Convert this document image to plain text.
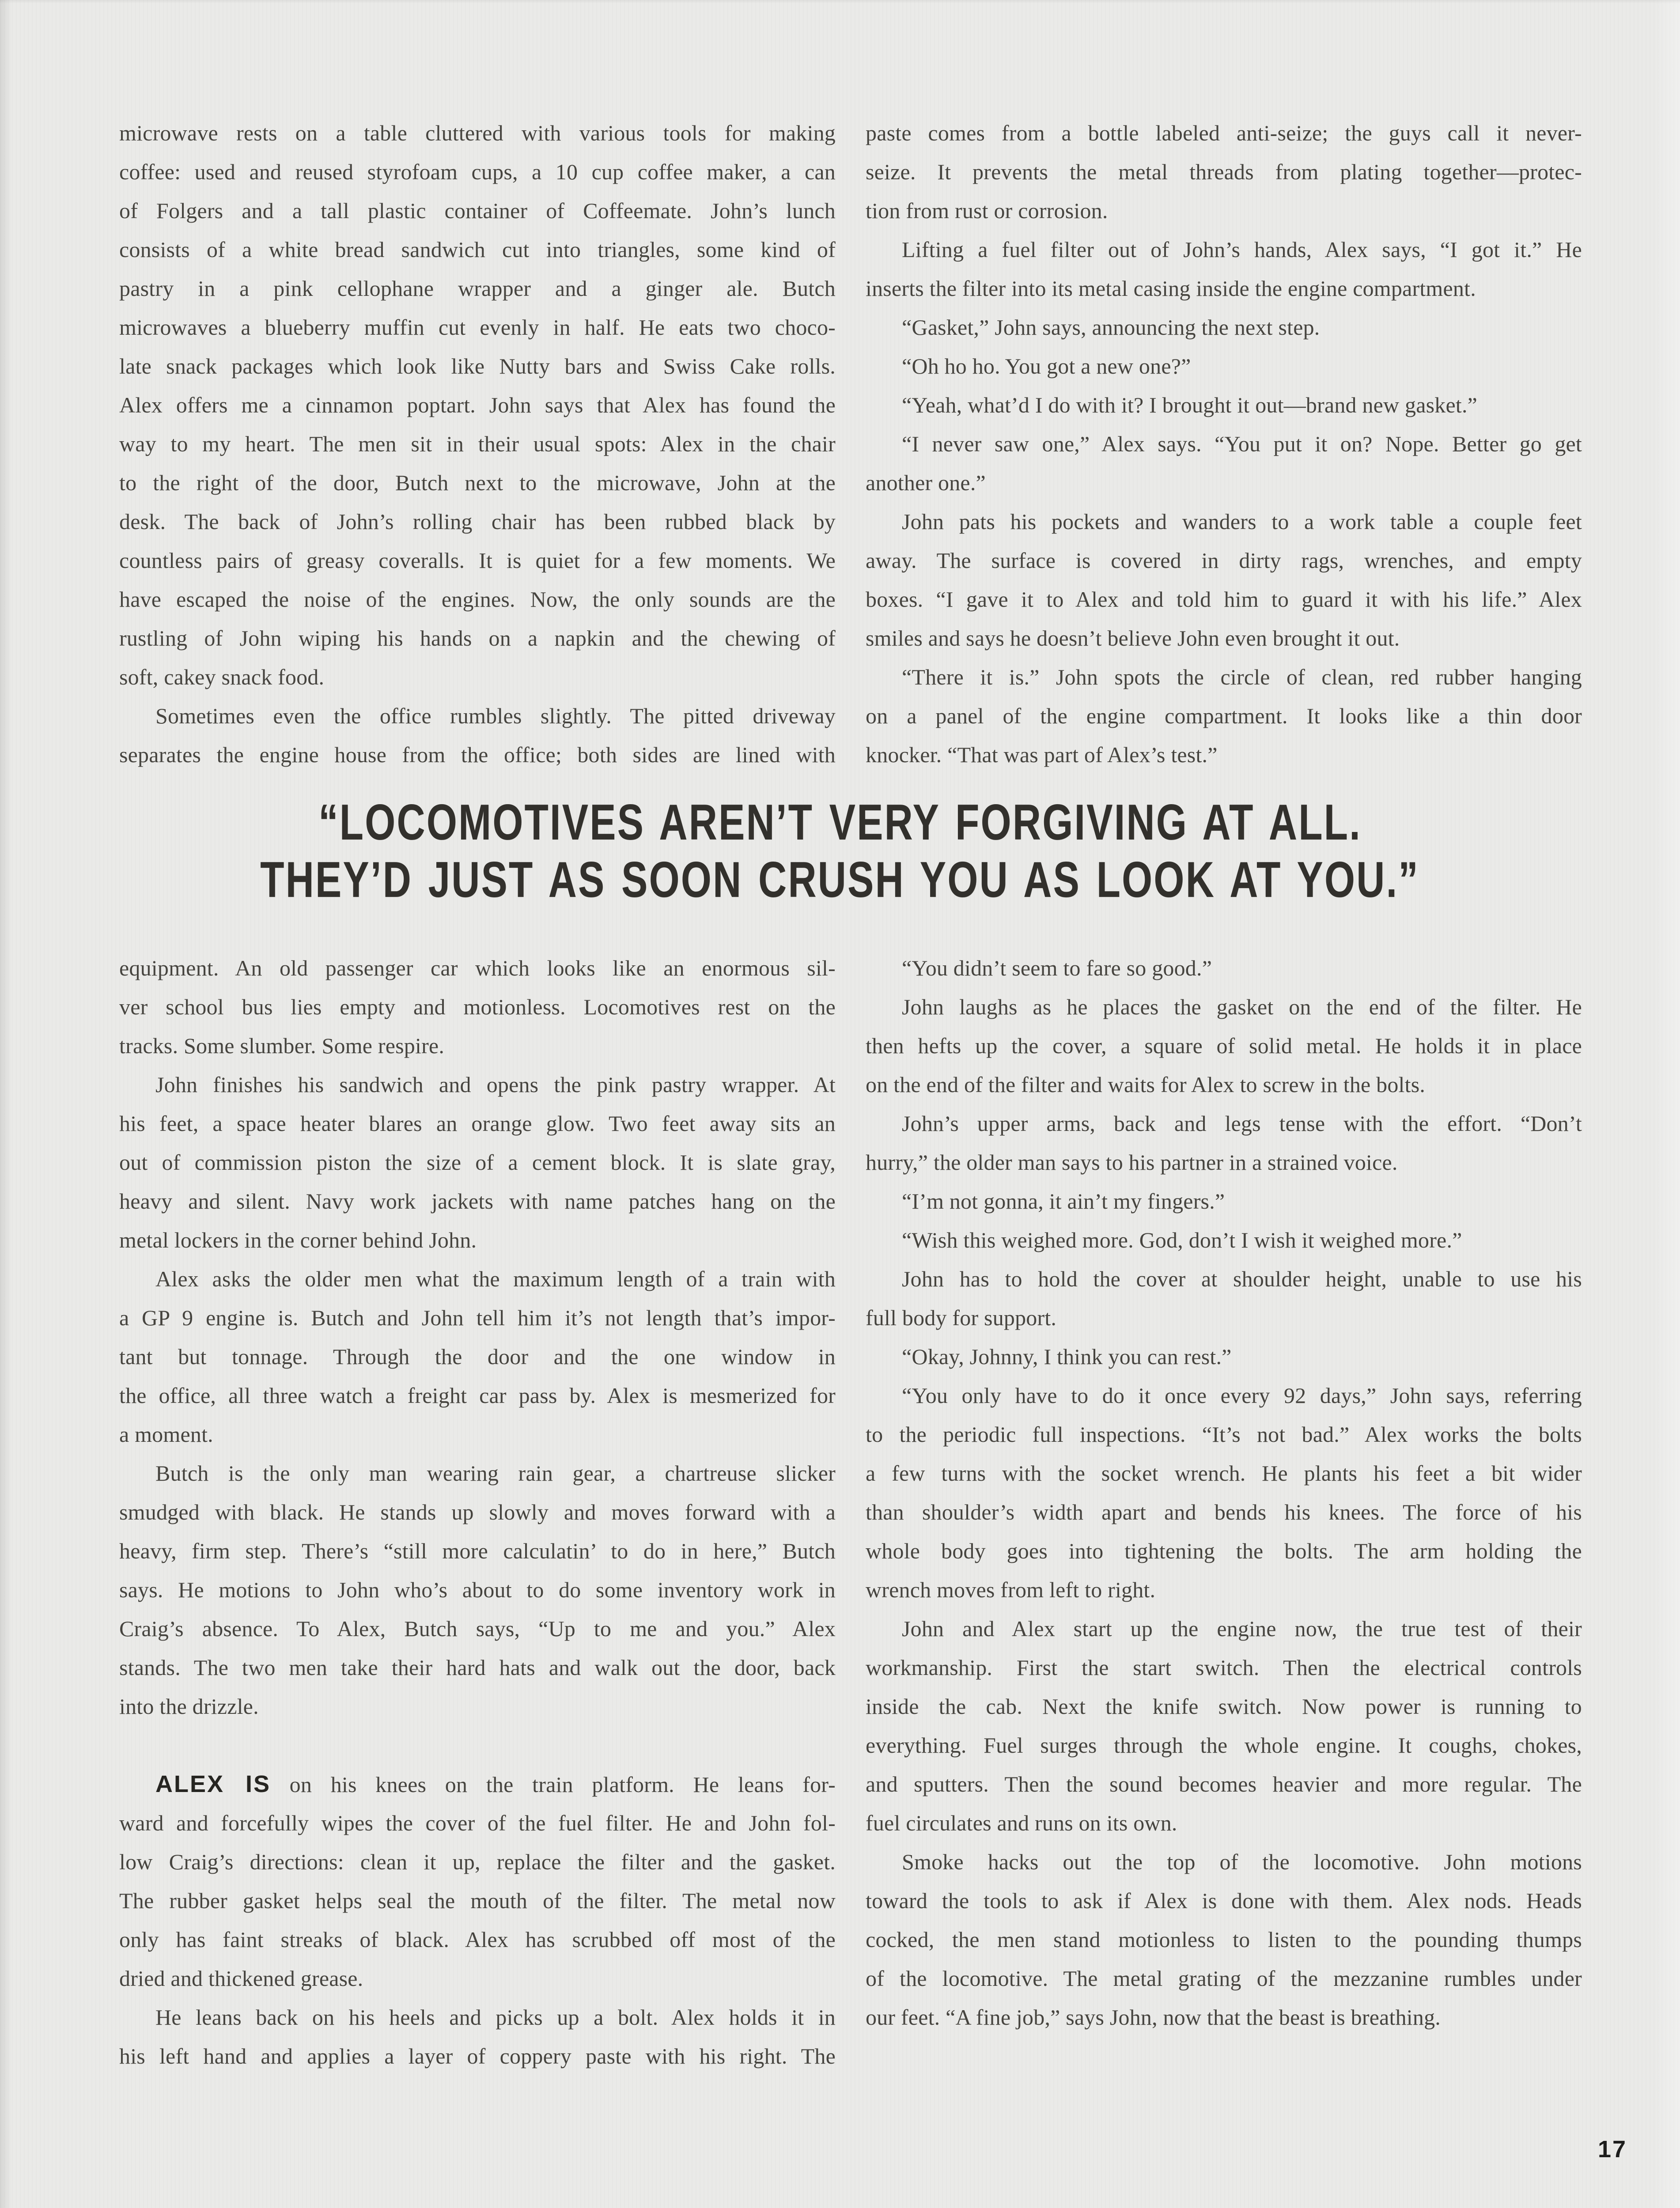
microwave rests on a table cluttered with various tools for making
coffee: used and reused styrofoam cups, a 10 cup coffee maker, a can
of Folgers and a tall plastic container of Coffeemate. John’s lunch
consists of a white bread sandwich cut into triangles, some kind of
pastry in a pink cellophane wrapper and a ginger ale. Butch
microwaves a blueberry muffin cut evenly in half. He eats two choco-
late snack packages which look like Nutty bars and Swiss Cake rolls.
Alex offers me a cinnamon poptart. John says that Alex has found the
way to my heart. The men sit in their usual spots: Alex in the chair
to the right of the door, Butch next to the microwave, John at the
desk. The back of John’s rolling chair has been rubbed black by
countless pairs of greasy coveralls. It is quiet for a few moments. We
have escaped the noise of the engines. Now, the only sounds are the
rustling of John wiping his hands on a napkin and the chewing of
soft, cakey snack food.
Sometimes even the office rumbles slightly. The pitted driveway
separates the engine house from the office; both sides are lined with
paste comes from a bottle labeled anti-seize; the guys call it never-
seize. It prevents the metal threads from plating together—protec-
tion from rust or corrosion.
Lifting a fuel filter out of John’s hands, Alex says, “I got it.” He
inserts the filter into its metal casing inside the engine compartment.
“Gasket,” John says, announcing the next step.
“Oh ho ho. You got a new one?”
“Yeah, what’d I do with it? I brought it out—brand new gasket.”
“I never saw one,” Alex says. “You put it on? Nope. Better go get
another one.”
John pats his pockets and wanders to a work table a couple feet
away. The surface is covered in dirty rags, wrenches, and empty
boxes. “I gave it to Alex and told him to guard it with his life.” Alex
smiles and says he doesn’t believe John even brought it out.
“There it is.” John spots the circle of clean, red rubber hanging
on a panel of the engine compartment. It looks like a thin door
knocker. “That was part of Alex’s test.”
“LOCOMOTIVES AREN’T VERY FORGIVING AT ALL.
THEY’D JUST AS SOON CRUSH YOU AS LOOK AT YOU.”
equipment. An old passenger car which looks like an enormous sil-
ver school bus lies empty and motionless. Locomotives rest on the
tracks. Some slumber. Some respire.
John finishes his sandwich and opens the pink pastry wrapper. At
his feet, a space heater blares an orange glow. Two feet away sits an
out of commission piston the size of a cement block. It is slate gray,
heavy and silent. Navy work jackets with name patches hang on the
metal lockers in the corner behind John.
Alex asks the older men what the maximum length of a train with
a GP 9 engine is. Butch and John tell him it’s not length that’s impor-
tant but tonnage. Through the door and the one window in
the office, all three watch a freight car pass by. Alex is mesmerized for
a moment.
Butch is the only man wearing rain gear, a chartreuse slicker
smudged with black. He stands up slowly and moves forward with a
heavy, firm step. There’s “still more calculatin’ to do in here,” Butch
says. He motions to John who’s about to do some inventory work in
Craig’s absence. To Alex, Butch says, “Up to me and you.” Alex
stands. The two men take their hard hats and walk out the door, back
into the drizzle.
ALEX IS on his knees on the train platform. He leans for-
ward and forcefully wipes the cover of the fuel filter. He and John fol-
low Craig’s directions: clean it up, replace the filter and the gasket.
The rubber gasket helps seal the mouth of the filter. The metal now
only has faint streaks of black. Alex has scrubbed off most of the
dried and thickened grease.
He leans back on his heels and picks up a bolt. Alex holds it in
his left hand and applies a layer of coppery paste with his right. The
“You didn’t seem to fare so good.”
John laughs as he places the gasket on the end of the filter. He
then hefts up the cover, a square of solid metal. He holds it in place
on the end of the filter and waits for Alex to screw in the bolts.
John’s upper arms, back and legs tense with the effort. “Don’t
hurry,” the older man says to his partner in a strained voice.
“I’m not gonna, it ain’t my fingers.”
“Wish this weighed more. God, don’t I wish it weighed more.”
John has to hold the cover at shoulder height, unable to use his
full body for support.
“Okay, Johnny, I think you can rest.”
“You only have to do it once every 92 days,” John says, referring
to the periodic full inspections. “It’s not bad.” Alex works the bolts
a few turns with the socket wrench. He plants his feet a bit wider
than shoulder’s width apart and bends his knees. The force of his
whole body goes into tightening the bolts. The arm holding the
wrench moves from left to right.
John and Alex start up the engine now, the true test of their
workmanship. First the start switch. Then the electrical controls
inside the cab. Next the knife switch. Now power is running to
everything. Fuel surges through the whole engine. It coughs, chokes,
and sputters. Then the sound becomes heavier and more regular. The
fuel circulates and runs on its own.
Smoke hacks out the top of the locomotive. John motions
toward the tools to ask if Alex is done with them. Alex nods. Heads
cocked, the men stand motionless to listen to the pounding thumps
of the locomotive. The metal grating of the mezzanine rumbles under
our feet. “A fine job,” says John, now that the beast is breathing.
17
